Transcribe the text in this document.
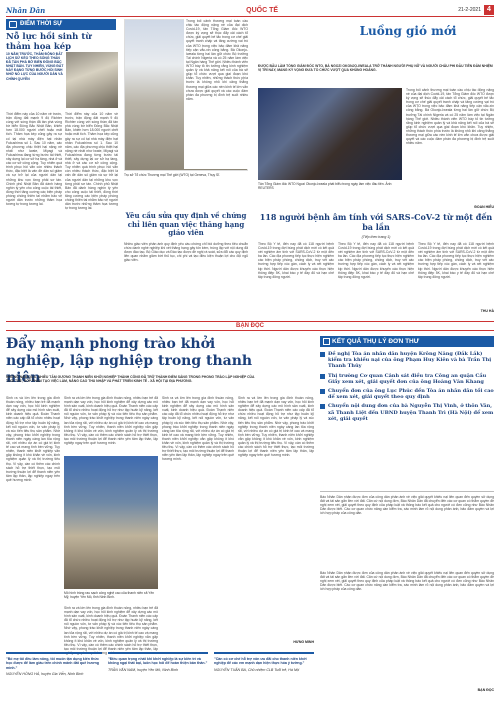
Nhân Dân	QUỐC TẾ	21-2-2021 4
ĐIỂM THỜI SỰ
Nỗ lực hồi sinh từ thảm họa kép
10 NĂM TRƯỚC, THẢM ĐỘNG ĐẤT LỊCH SỬ KÈO THEO SÓNG THẦN ĐÃ TÀN PHÁ BỜ BIỂN ĐÔNG BẮC NHẬT BẢN. TUY NHIÊN, VÙNG ĐẤT NÀY ĐANG TỪNG BƯỚC HỒI SINH NHỜ NỖ LỰC CỦA NGƯỜI DÂN VÀ CHÍNH QUYỀN
Thời điểm này của 10 năm về trước, trận động đất mạnh 9 độ Richter cùng với sóng thần đã tàn phá vùng bờ biển Đông Bắc Nhật Bản, khiến hơn 18.000 người chết hoặc mất tích. Thảm họa kép cũng gây ra sự cố tại nhà máy điện hạt nhân Fukushima số 1. Sau 10 năm, các địa phương chịu thiệt hại nặng nề nhất như Iwate, Miyagi và Fukushima đang từng bước tái thiết, xây dựng lại cơ sở hạ tầng, nhà ở và các cơ sở công cộng. Tuy nhiên quá trình phục hồi vẫn còn nhiều thách thức, đặc biệt là vấn đề dân số giảm và sự trở lại của người dân tại những khu vực từng phải sơ tán. Chính phủ Nhật Bản đã dành hàng nghìn tỷ yên cho công cuộc tái thiết, đồng thời tăng cường các biện pháp phòng chống thiên tai nhằm bảo vệ người dân trước những thảm họa tương tự trong tương lai.
Thời điểm này của 10 năm về trước, trận động đất mạnh 9 độ Richter cùng với sóng thần đã tàn phá vùng bờ biển Đông Bắc Nhật Bản, khiến hơn 18.000 người chết hoặc mất tích. Thảm họa kép cũng gây ra sự cố tại nhà máy điện hạt nhân Fukushima số 1. Sau 10 năm, các địa phương chịu thiệt hại nặng nề nhất như Iwate, Miyagi và Fukushima đang từng bước tái thiết, xây dựng lại cơ sở hạ tầng, nhà ở và các cơ sở công cộng. Tuy nhiên quá trình phục hồi vẫn còn nhiều thách thức, đặc biệt là vấn đề dân số giảm và sự trở lại của người dân tại những khu vực từng phải sơ tán. Chính phủ Nhật Bản đã dành hàng nghìn tỷ yên cho công cuộc tái thiết, đồng thời tăng cường các biện pháp phòng chống thiên tai nhằm bảo vệ người dân trước những thảm họa tương tự trong tương lai.
Trụ sở Tổ chức Thương mại Thế giới (WTO) tại Geneva, Thụy Sĩ.
Trong bối cảnh thương mại toàn cầu chịu tác động nặng nề của đại dịch Covid-19, tân Tổng Giám đốc WTO được kỳ vọng sẽ thúc đẩy cải cách tổ chức, giải quyết bế tắc trong cơ chế giải quyết tranh chấp và tăng cường vai trò của WTO trong việc bảo đảm khả năng tiếp cận vắc-xin công bằng. Bà Okonjo-Iweala từng hai lần giữ chức Bộ trưởng Tài chính Nigeria và có 25 năm làm việc tại Ngân hàng Thế giới. Nhiều thành viên WTO bày tỏ tin tưởng rằng kinh nghiệm quản lý và khả năng kết nối của bà sẽ giúp tổ chức vượt qua giai đoạn khó khăn. Tuy nhiên, những thách thức phía trước là không nhỏ khi căng thẳng thương mại giữa các nền kinh tế lớn vẫn chưa được giải quyết và các cuộc đàm phán đa phương bị đình trệ suốt nhiều năm.
Luồng gió mới
ĐƯỢC BẦU LÀM TỔNG GIÁM ĐỐC WTO, BÀ NGOZI OKONJO-IWEALA TRỞ THÀNH NGƯỜI PHỤ NỮ VÀ NGƯỜI CHÂU PHI ĐẦU TIÊN ĐẢM NHIỆM VỊ TRÍ NÀY, MANG KỲ VỌNG ĐƯA TỔ CHỨC VƯỢT QUA KHỦNG HOẢNG.
Tân Tổng Giám đốc WTO Ngozi Okonjo-Iweala phát biểu trong ngày làm việc đầu tiên. Ảnh: REUTERS
Trong bối cảnh thương mại toàn cầu chịu tác động nặng nề của đại dịch Covid-19, tân Tổng Giám đốc WTO được kỳ vọng sẽ thúc đẩy cải cách tổ chức, giải quyết bế tắc trong cơ chế giải quyết tranh chấp và tăng cường vai trò của WTO trong việc bảo đảm khả năng tiếp cận vắc-xin công bằng. Bà Okonjo-Iweala từng hai lần giữ chức Bộ trưởng Tài chính Nigeria và có 25 năm làm việc tại Ngân hàng Thế giới. Nhiều thành viên WTO bày tỏ tin tưởng rằng kinh nghiệm quản lý và khả năng kết nối của bà sẽ giúp tổ chức vượt qua giai đoạn khó khăn. Tuy nhiên, những thách thức phía trước là không nhỏ khi căng thẳng thương mại giữa các nền kinh tế lớn vẫn chưa được giải quyết và các cuộc đàm phán đa phương bị đình trệ suốt nhiều năm.
ĐOAN HIẾU
Yêu cầu sửa quy định về chứng chỉ liên quan việc thăng hạng giáo viên
Nhiều giáo viên phản ánh quy định yêu cầu chứng chỉ bồi dưỡng theo tiêu chuẩn chức danh nghề nghiệp khi xét thăng hạng gây tốn kém, trùng lặp với nội dung đã được đào tạo. Bộ Giáo dục và Đào tạo được đề nghị rà soát, sửa đổi các quy định liên quan nhằm giảm bớt thủ tục, chi phí và tạo điều kiện thuận lợi cho đội ngũ giáo viên.
118 người bệnh âm tính với SARS-CoV-2 từ một đến ba lần
(Tiếp theo trang 1)
Theo Bộ Y tế, đến nay đã có 118 người bệnh Covid-19 trong đợt bùng phát dịch mới có kết quả xét nghiệm âm tính với SARS-CoV-2 từ một đến ba lần. Các địa phương tiếp tục thực hiện nghiêm các biện pháp phòng, chống dịch, truy vết các trường hợp tiếp xúc gần, cách ly và xét nghiệm kịp thời. Người dân được khuyến cáo thực hiện thông điệp 5K, khai báo y tế đầy đủ và hạn chế tập trung đông người.
Theo Bộ Y tế, đến nay đã có 118 người bệnh Covid-19 trong đợt bùng phát dịch mới có kết quả xét nghiệm âm tính với SARS-CoV-2 từ một đến ba lần. Các địa phương tiếp tục thực hiện nghiêm các biện pháp phòng, chống dịch, truy vết các trường hợp tiếp xúc gần, cách ly và xét nghiệm kịp thời. Người dân được khuyến cáo thực hiện thông điệp 5K, khai báo y tế đầy đủ và hạn chế tập trung đông người.
Theo Bộ Y tế, đến nay đã có 118 người bệnh Covid-19 trong đợt bùng phát dịch mới có kết quả xét nghiệm âm tính với SARS-CoV-2 từ một đến ba lần. Các địa phương tiếp tục thực hiện nghiêm các biện pháp phòng, chống dịch, truy vết các trường hợp tiếp xúc gần, cách ly và xét nghiệm kịp thời. Người dân được khuyến cáo thực hiện thông điệp 5K, khai báo y tế đầy đủ và hạn chế tập trung đông người.
THU HÀ
BẠN ĐỌC
Đẩy mạnh phong trào khởi nghiệp, lập nghiệp trong thanh niên
NHỮNG NĂM QUA, NHIỀU TẤM GƯƠNG THANH NIÊN KHỞI NGHIỆP THÀNH CÔNG ĐÃ TRỞ THÀNH ĐIỂM SÁNG TRONG PHONG TRÀO LẬP NGHIỆP CỦA TUỔI TRẺ, GÓP PHẦN TẠO VIỆC LÀM, NÂNG CAO THU NHẬP VÀ PHÁT TRIỂN KINH TẾ - XÃ HỘI TẠI ĐỊA PHƯƠNG.
Sinh ra và lớn lên trong gia đình thuần nông, nhiều bạn trẻ đã mạnh dạn vay vốn, học hỏi kinh nghiệm để xây dựng các mô hình sản xuất, kinh doanh hiệu quả. Đoàn Thanh niên các cấp đã tổ chức nhiều hoạt động hỗ trợ như tập huấn kỹ năng, kết nối nguồn vốn, tư vấn pháp lý và xúc tiến tiêu thụ sản phẩm. Nhờ vậy, phong trào khởi nghiệp trong thanh niên ngày càng lan tỏa rộng rãi, với nhiều dự án có giá trị kinh tế cao và mang tính bền vững. Tuy nhiên, thanh niên khởi nghiệp vẫn gặp không ít khó khăn về vốn, kinh nghiệm quản lý và thị trường tiêu thụ. Vì vậy, cần có thêm các chính sách hỗ trợ thiết thực, tạo môi trường thuận lợi để thanh niên yên tâm lập thân, lập nghiệp ngay trên quê hương mình.
Sinh ra và lớn lên trong gia đình thuần nông, nhiều bạn trẻ đã mạnh dạn vay vốn, học hỏi kinh nghiệm để xây dựng các mô hình sản xuất, kinh doanh hiệu quả. Đoàn Thanh niên các cấp đã tổ chức nhiều hoạt động hỗ trợ như tập huấn kỹ năng, kết nối nguồn vốn, tư vấn pháp lý và xúc tiến tiêu thụ sản phẩm. Nhờ vậy, phong trào khởi nghiệp trong thanh niên ngày càng lan tỏa rộng rãi, với nhiều dự án có giá trị kinh tế cao và mang tính bền vững. Tuy nhiên, thanh niên khởi nghiệp vẫn gặp không ít khó khăn về vốn, kinh nghiệm quản lý và thị trường tiêu thụ. Vì vậy, cần có thêm các chính sách hỗ trợ thiết thực, tạo môi trường thuận lợi để thanh niên yên tâm lập thân, lập nghiệp ngay trên quê hương mình.
Mô hình trồng rau sạch công nghệ cao của thanh niên xã Yên Mỹ, huyện Yên Mô, tỉnh Ninh Bình.
Sinh ra và lớn lên trong gia đình thuần nông, nhiều bạn trẻ đã mạnh dạn vay vốn, học hỏi kinh nghiệm để xây dựng các mô hình sản xuất, kinh doanh hiệu quả. Đoàn Thanh niên các cấp đã tổ chức nhiều hoạt động hỗ trợ như tập huấn kỹ năng, kết nối nguồn vốn, tư vấn pháp lý và xúc tiến tiêu thụ sản phẩm. Nhờ vậy, phong trào khởi nghiệp trong thanh niên ngày càng lan tỏa rộng rãi, với nhiều dự án có giá trị kinh tế cao và mang tính bền vững. Tuy nhiên, thanh niên khởi nghiệp vẫn gặp không ít khó khăn về vốn, kinh nghiệm quản lý và thị trường tiêu thụ. Vì vậy, cần có thêm các chính sách hỗ trợ thiết thực, tạo môi trường thuận lợi để thanh niên yên tâm lập thân, lập nghiệp ngay trên quê hương mình.
Sinh ra và lớn lên trong gia đình thuần nông, nhiều bạn trẻ đã mạnh dạn vay vốn, học hỏi kinh nghiệm để xây dựng các mô hình sản xuất, kinh doanh hiệu quả. Đoàn Thanh niên các cấp đã tổ chức nhiều hoạt động hỗ trợ như tập huấn kỹ năng, kết nối nguồn vốn, tư vấn pháp lý và xúc tiến tiêu thụ sản phẩm. Nhờ vậy, phong trào khởi nghiệp trong thanh niên ngày càng lan tỏa rộng rãi, với nhiều dự án có giá trị kinh tế cao và mang tính bền vững. Tuy nhiên, thanh niên khởi nghiệp vẫn gặp không ít khó khăn về vốn, kinh nghiệm quản lý và thị trường tiêu thụ. Vì vậy, cần có thêm các chính sách hỗ trợ thiết thực, tạo môi trường thuận lợi để thanh niên yên tâm lập thân, lập nghiệp ngay trên quê hương mình.
Sinh ra và lớn lên trong gia đình thuần nông, nhiều bạn trẻ đã mạnh dạn vay vốn, học hỏi kinh nghiệm để xây dựng các mô hình sản xuất, kinh doanh hiệu quả. Đoàn Thanh niên các cấp đã tổ chức nhiều hoạt động hỗ trợ như tập huấn kỹ năng, kết nối nguồn vốn, tư vấn pháp lý và xúc tiến tiêu thụ sản phẩm. Nhờ vậy, phong trào khởi nghiệp trong thanh niên ngày càng lan tỏa rộng rãi, với nhiều dự án có giá trị kinh tế cao và mang tính bền vững. Tuy nhiên, thanh niên khởi nghiệp vẫn gặp không ít khó khăn về vốn, kinh nghiệm quản lý và thị trường tiêu thụ. Vì vậy, cần có thêm các chính sách hỗ trợ thiết thực, tạo môi trường thuận lợi để thanh niên yên tâm lập thân, lập nghiệp ngay trên quê hương mình.
HƯNG MINH
"Bố mẹ tôi đều làm nông, tôi muốn tận dụng kiến thức học được để làm giàu trên chính mảnh đất quê hương mình."
NGUYỄN HỒNG HÀ, huyện Gia Viễn, Ninh Bình
"Điều quan trọng nhất khi khởi nghiệp là sự kiên trì và không ngại thất bại, luôn học hỏi để hoàn thiện bản thân."
TRẦN VĂN NAM, huyện Yên Mô, Ninh Bình
"Cần có cơ chế hỗ trợ vốn ưu đãi cho thanh niên khởi nghiệp để các em mạnh dạn hiện thực hóa ý tưởng."
NGUYỄN TUẤN BA, Chủ nhiệm CLB Tuổi trẻ, Hà Nội
KẾT QUẢ THỤ LÝ ĐƠN THƯ
Đề nghị Tòa án nhân dân huyện Krông Năng (Đắk Lắk) kiểm tra khiếu nại của ông Phạm Huy Kiên và bà Trần Thị Thanh Thủy
Thị trường Cơ quan Cảnh sát điều tra Công an quận Cầu Giấy xem xét, giải quyết đơn của ông Hoàng Văn Khang
Chuyển đơn của ông Lục Phúc đến Tòa án nhân dân tối cao để xem xét, giải quyết theo quy định
Chuyển nội dung đơn của bà Nguyễn Thị Vinh, ở thôn Vân, xã Thanh Liệt đến UBND huyện Thanh Trì (Hà Nội) để xem xét, giải quyết
Báo Nhân Dân nhận được đơn của công dân phản ánh về việc giải quyết khiếu nại liên quan đến quyền sử dụng đất và tài sản gắn liền với đất. Căn cứ nội dung đơn, Báo Nhân Dân đã chuyển đến các cơ quan có thẩm quyền đề nghị xem xét, giải quyết theo quy định của pháp luật và thông báo kết quả cho người có đơn cũng như Báo Nhân Dân được biết. Các cơ quan chức năng cần kiểm tra, xác minh làm rõ nội dung phản ánh, bảo đảm quyền và lợi ích hợp pháp của công dân.
Báo Nhân Dân nhận được đơn của công dân phản ánh về việc giải quyết khiếu nại liên quan đến quyền sử dụng đất và tài sản gắn liền với đất. Căn cứ nội dung đơn, Báo Nhân Dân đã chuyển đến các cơ quan có thẩm quyền đề nghị xem xét, giải quyết theo quy định của pháp luật và thông báo kết quả cho người có đơn cũng như Báo Nhân Dân được biết. Các cơ quan chức năng cần kiểm tra, xác minh làm rõ nội dung phản ánh, bảo đảm quyền và lợi ích hợp pháp của công dân.
BẠN ĐỌC
